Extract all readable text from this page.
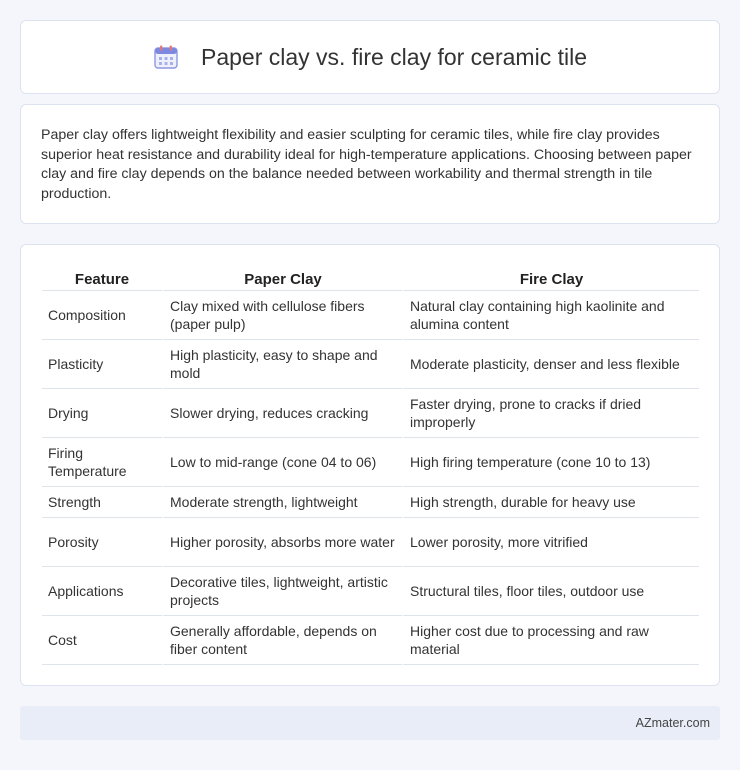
Paper clay vs. fire clay for ceramic tile

Paper clay offers lightweight flexibility and easier sculpting for ceramic tiles, while fire clay provides superior heat resistance and durability ideal for high-temperature applications. Choosing between paper clay and fire clay depends on the balance needed between workability and thermal strength in tile production.

Feature	Paper Clay	Fire Clay
Composition	Clay mixed with cellulose fibers (paper pulp)	Natural clay containing high kaolinite and alumina content
Plasticity	High plasticity, easy to shape and mold	Moderate plasticity, denser and less flexible
Drying	Slower drying, reduces cracking	Faster drying, prone to cracks if dried improperly
Firing Temperature	Low to mid-range (cone 04 to 06)	High firing temperature (cone 10 to 13)
Strength	Moderate strength, lightweight	High strength, durable for heavy use
Porosity	Higher porosity, absorbs more water	Lower porosity, more vitrified
Applications	Decorative tiles, lightweight, artistic projects	Structural tiles, floor tiles, outdoor use
Cost	Generally affordable, depends on fiber content	Higher cost due to processing and raw material
AZmater.com
